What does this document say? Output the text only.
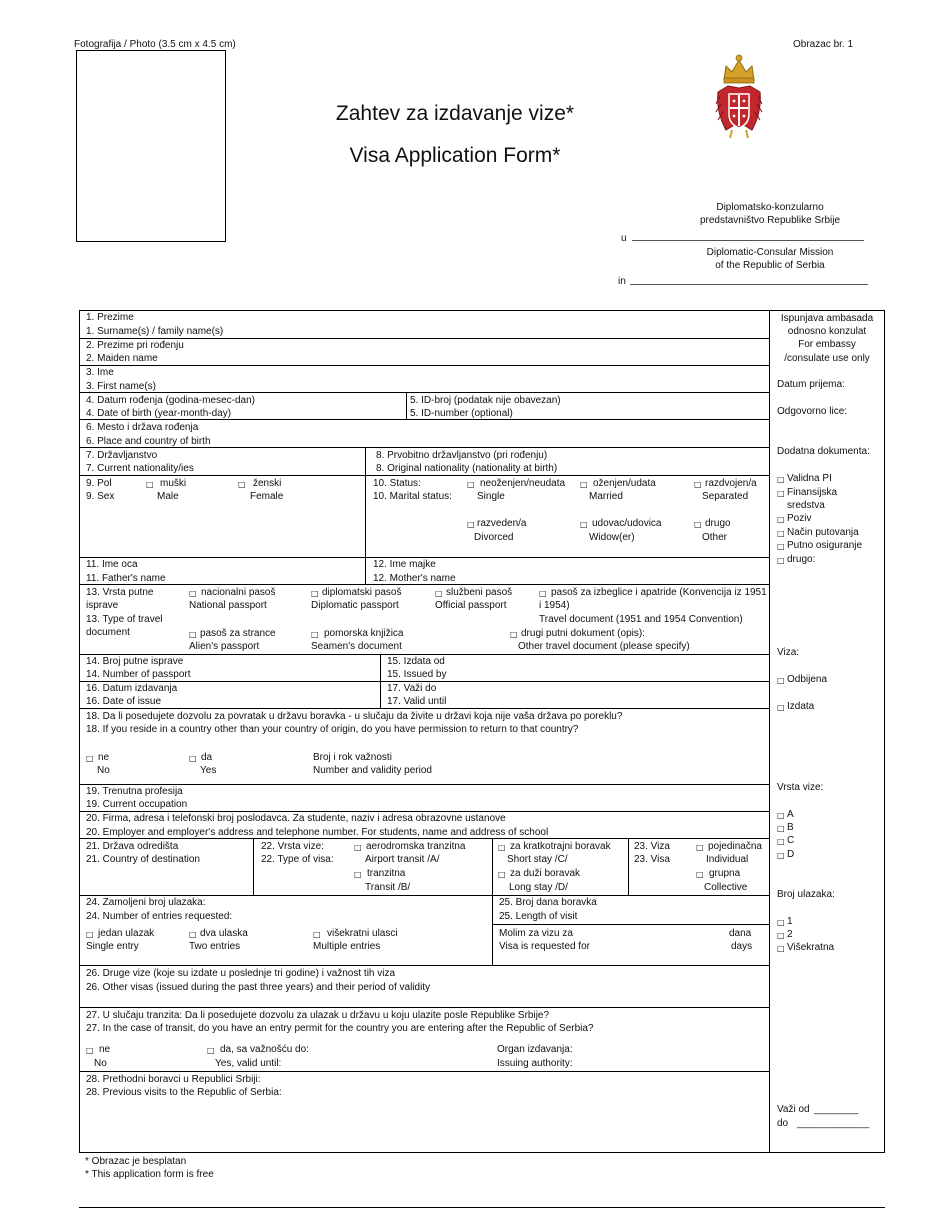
Fotografija / Photo (3.5 cm x 4.5 cm)	Obrazac br. 1
Zahtev za izdavanje vize*
Visa Application Form*
Diplomatsko-konzularno
predstavništvo Republike Srbije
u
Diplomatic-Consular Mission
of the Republic of Serbia
in
1. Prezime
1. Surname(s) / family name(s)
2. Prezime pri rođenju
2. Maiden name
3. Ime
3. First name(s)
4. Datum rođenja (godina-mesec-dan)
4. Date of birth (year-month-day)
5. ID-broj (podatak nije obavezan)
5. ID-number (optional)
6. Mesto i država rođenja
6. Place and country of birth
7. Državljanstvo
7. Current nationality/ies
8. Prvobitno državljanstvo (pri rođenju)
8. Original nationality (nationality at birth)
9. Pol
9. Sex
□ muški
Male
□ ženski
Female
10. Status:
10. Marital status:
□ neoženjen/neudata
Single
□ oženjen/udata
Married
□ razdvojen/a
Separated
□ razveden/a
Divorced
□ udovac/udovica
Widow(er)
□ drugo
Other
11. Ime oca
11. Father's name
12. Ime majke
12. Mother's name
13. Vrsta putne
isprave
13. Type of travel
document
□ nacionalni pasoš
National passport
□ diplomatski pasoš
Diplomatic passport
□ službeni pasoš
Official passport
□ pasoš za izbeglice i apatride (Konvencija iz 1951
i 1954)
Travel document (1951 and 1954 Convention)
□ pasoš za strance
Alien's passport
□ pomorska knjižica
Seamen's document
□ drugi putni dokument (opis):
Other travel document (please specify)
14. Broj putne isprave
14. Number of passport
15. Izdata od
15. Issued by
16. Datum izdavanja
16. Date of issue
17. Važi do
17. Valid until
18. Da li posedujete dozvolu za povratak u državu boravka - u slučaju da živite u državi koja nije vaša država po poreklu?
18. If you reside in a country other than your country of origin, do you have permission to return to that country?
□ ne
No
□ da
Yes
Broj i rok važnosti
Number and validity period
19. Trenutna profesija
19. Current occupation
20. Firma, adresa i telefonski broj poslodavca. Za studente, naziv i adresa obrazovne ustanove
20. Employer and employer's address and telephone number. For students, name and address of school
21. Država odredišta
21. Country of destination
22. Vrsta vize:
22. Type of visa:
□ aerodromska tranzitna
Airport transit /A/
□ tranzitna
Transit /B/
□ za kratkotrajni boravak
Short stay /C/
□ za duži boravak
Long stay /D/
23. Viza
23. Visa
□ pojedinačna
Individual
□ grupna
Collective
24. Zamoljeni broj ulazaka:
24. Number of entries requested:
□ jedan ulazak
Single entry
□ dva ulaska
Two entries
□ višekratni ulasci
Multiple entries
25. Broj dana boravka
25. Length of visit
Molim za vizu za
Visa is requested for
dana
days
26. Druge vize (koje su izdate u poslednje tri godine) i važnost tih viza
26. Other visas (issued during the past three years) and their period of validity
27. U slučaju tranzita: Da li posedujete dozvolu za ulazak u državu u koju ulazite posle Republike Srbije?
27. In the case of transit, do you have an entry permit for the country you are entering after the Republic of Serbia?
□ ne
No
□ da, sa važnošću do:
Yes, valid until:
Organ izdavanja:
Issuing authority:
28. Prethodni boravci u Republici Srbiji:
28. Previous visits to the Republic of Serbia:
Ispunjava ambasada
odnosno konzulat
For embassy
/consulate use only
Datum prijema:
Odgovorno lice:
Dodatna dokumenta:
□ Validna PI
□ Finansijska
sredstva
□ Poziv
□ Način putovanja
□ Putno osiguranje
□ drugo:
Viza:
□ Odbijena
□ Izdata
Vrsta vize:
□ A
□ B
□ C
□ D
Broj ulazaka:
□ 1
□ 2
□ Višekratna
Važi od ________
do _____________
* Obrazac je besplatan
* This application form is free
